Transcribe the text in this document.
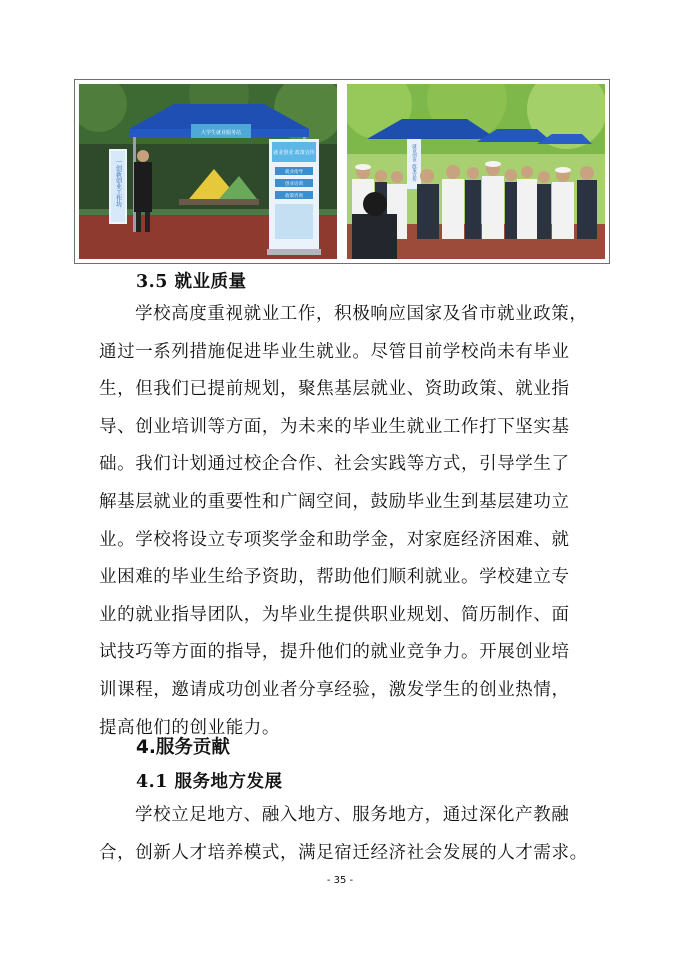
一创新创业工作坊
大学生就业服务站
就业创业 政策宣传
就业指导
创业培训
政策咨询
就业创业 政策宣传
3.5 就业质量
学校高度重视就业工作，积极响应国家及省市就业政策，
通过一系列措施促进毕业生就业。尽管目前学校尚未有毕业
生，但我们已提前规划，聚焦基层就业、资助政策、就业指
导、创业培训等方面，为未来的毕业生就业工作打下坚实基
础。我们计划通过校企合作、社会实践等方式，引导学生了
解基层就业的重要性和广阔空间，鼓励毕业生到基层建功立
业。学校将设立专项奖学金和助学金，对家庭经济困难、就
业困难的毕业生给予资助，帮助他们顺利就业。学校建立专
业的就业指导团队，为毕业生提供职业规划、简历制作、面
试技巧等方面的指导，提升他们的就业竞争力。开展创业培
训课程，邀请成功创业者分享经验，激发学生的创业热情，
提高他们的创业能力。
4.服务贡献
4.1 服务地方发展
学校立足地方、融入地方、服务地方，通过深化产教融
合，创新人才培养模式，满足宿迁经济社会发展的人才需求。
- 35 -
